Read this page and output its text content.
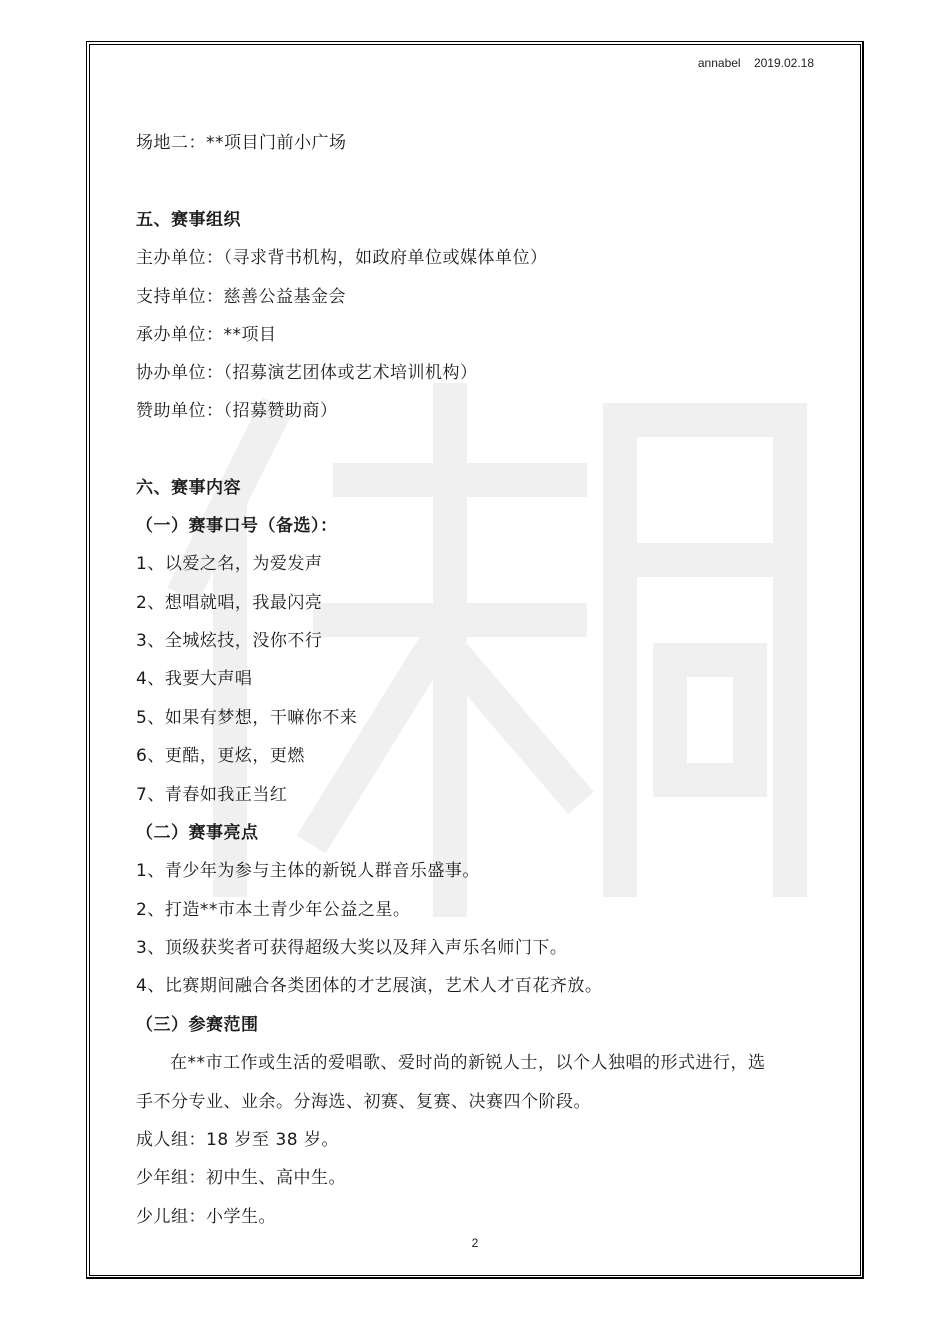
annabel 2019.02.18
场地二：**项目门前小广场
五、赛事组织
主办单位：（寻求背书机构，如政府单位或媒体单位）
支持单位：慈善公益基金会
承办单位：**项目
协办单位：（招募演艺团体或艺术培训机构）
赞助单位：（招募赞助商）
六、赛事内容
（一）赛事口号（备选）：
1、以爱之名，为爱发声
2、想唱就唱，我最闪亮
3、全城炫技，没你不行
4、我要大声唱
5、如果有梦想，干嘛你不来
6、更酷，更炫，更燃
7、青春如我正当红
（二）赛事亮点
1、青少年为参与主体的新锐人群音乐盛事。
2、打造**市本土青少年公益之星。
3、顶级获奖者可获得超级大奖以及拜入声乐名师门下。
4、比赛期间融合各类团体的才艺展演，艺术人才百花齐放。
（三）参赛范围
在**市工作或生活的爱唱歌、爱时尚的新锐人士，以个人独唱的形式进行，选
手不分专业、业余。分海选、初赛、复赛、决赛四个阶段。
成人组：18 岁至 38 岁。
少年组：初中生、高中生。
少儿组：小学生。
2
